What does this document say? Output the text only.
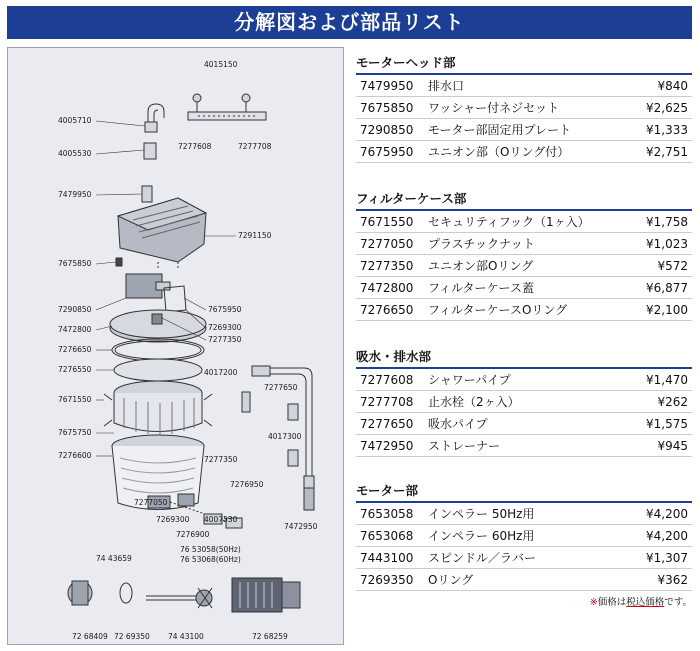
分解図および部品リスト
4015150
4005710
7277608	7277708
4005530
7479950
7291150
7675850
7290850	7675950
7472800	7269300
7277350
7276650
7276550	4017200
7277650
7671550
7675750	4017300
7276600	7277350
7276950
7277050
7269300 4007530
7472950
7276900
74 43659
76 53058(50Hz)
76 53068(60Hz)
72 68409 72 69350 74 43100	72 68259
モーターヘッド部
7479950 排水口	¥840
7675850 ワッシャー付ネジセット	¥2,625
7290850 モーター部固定用プレート	¥1,333
7675950 ユニオン部（Oリング付）	¥2,751
フィルターケース部
7671550 セキュリティフック（1ヶ入）	¥1,758
7277050 プラスチックナット	¥1,023
7277350 ユニオン部Oリング	¥572
7472800 フィルターケース蓋	¥6,877
7276650 フィルターケースOリング	¥2,100
吸水・排水部
7277608 シャワーパイプ	¥1,470
7277708 止水栓（2ヶ入）	¥262
7277650 吸水パイプ	¥1,575
7472950 ストレーナー	¥945
モーター部
7653058 インペラー 50Hz用	¥4,200
7653068 インペラー 60Hz用	¥4,200
7443100 スピンドル／ラバー	¥1,307
7269350 Oリング	¥362
※価格は税込価格です。
